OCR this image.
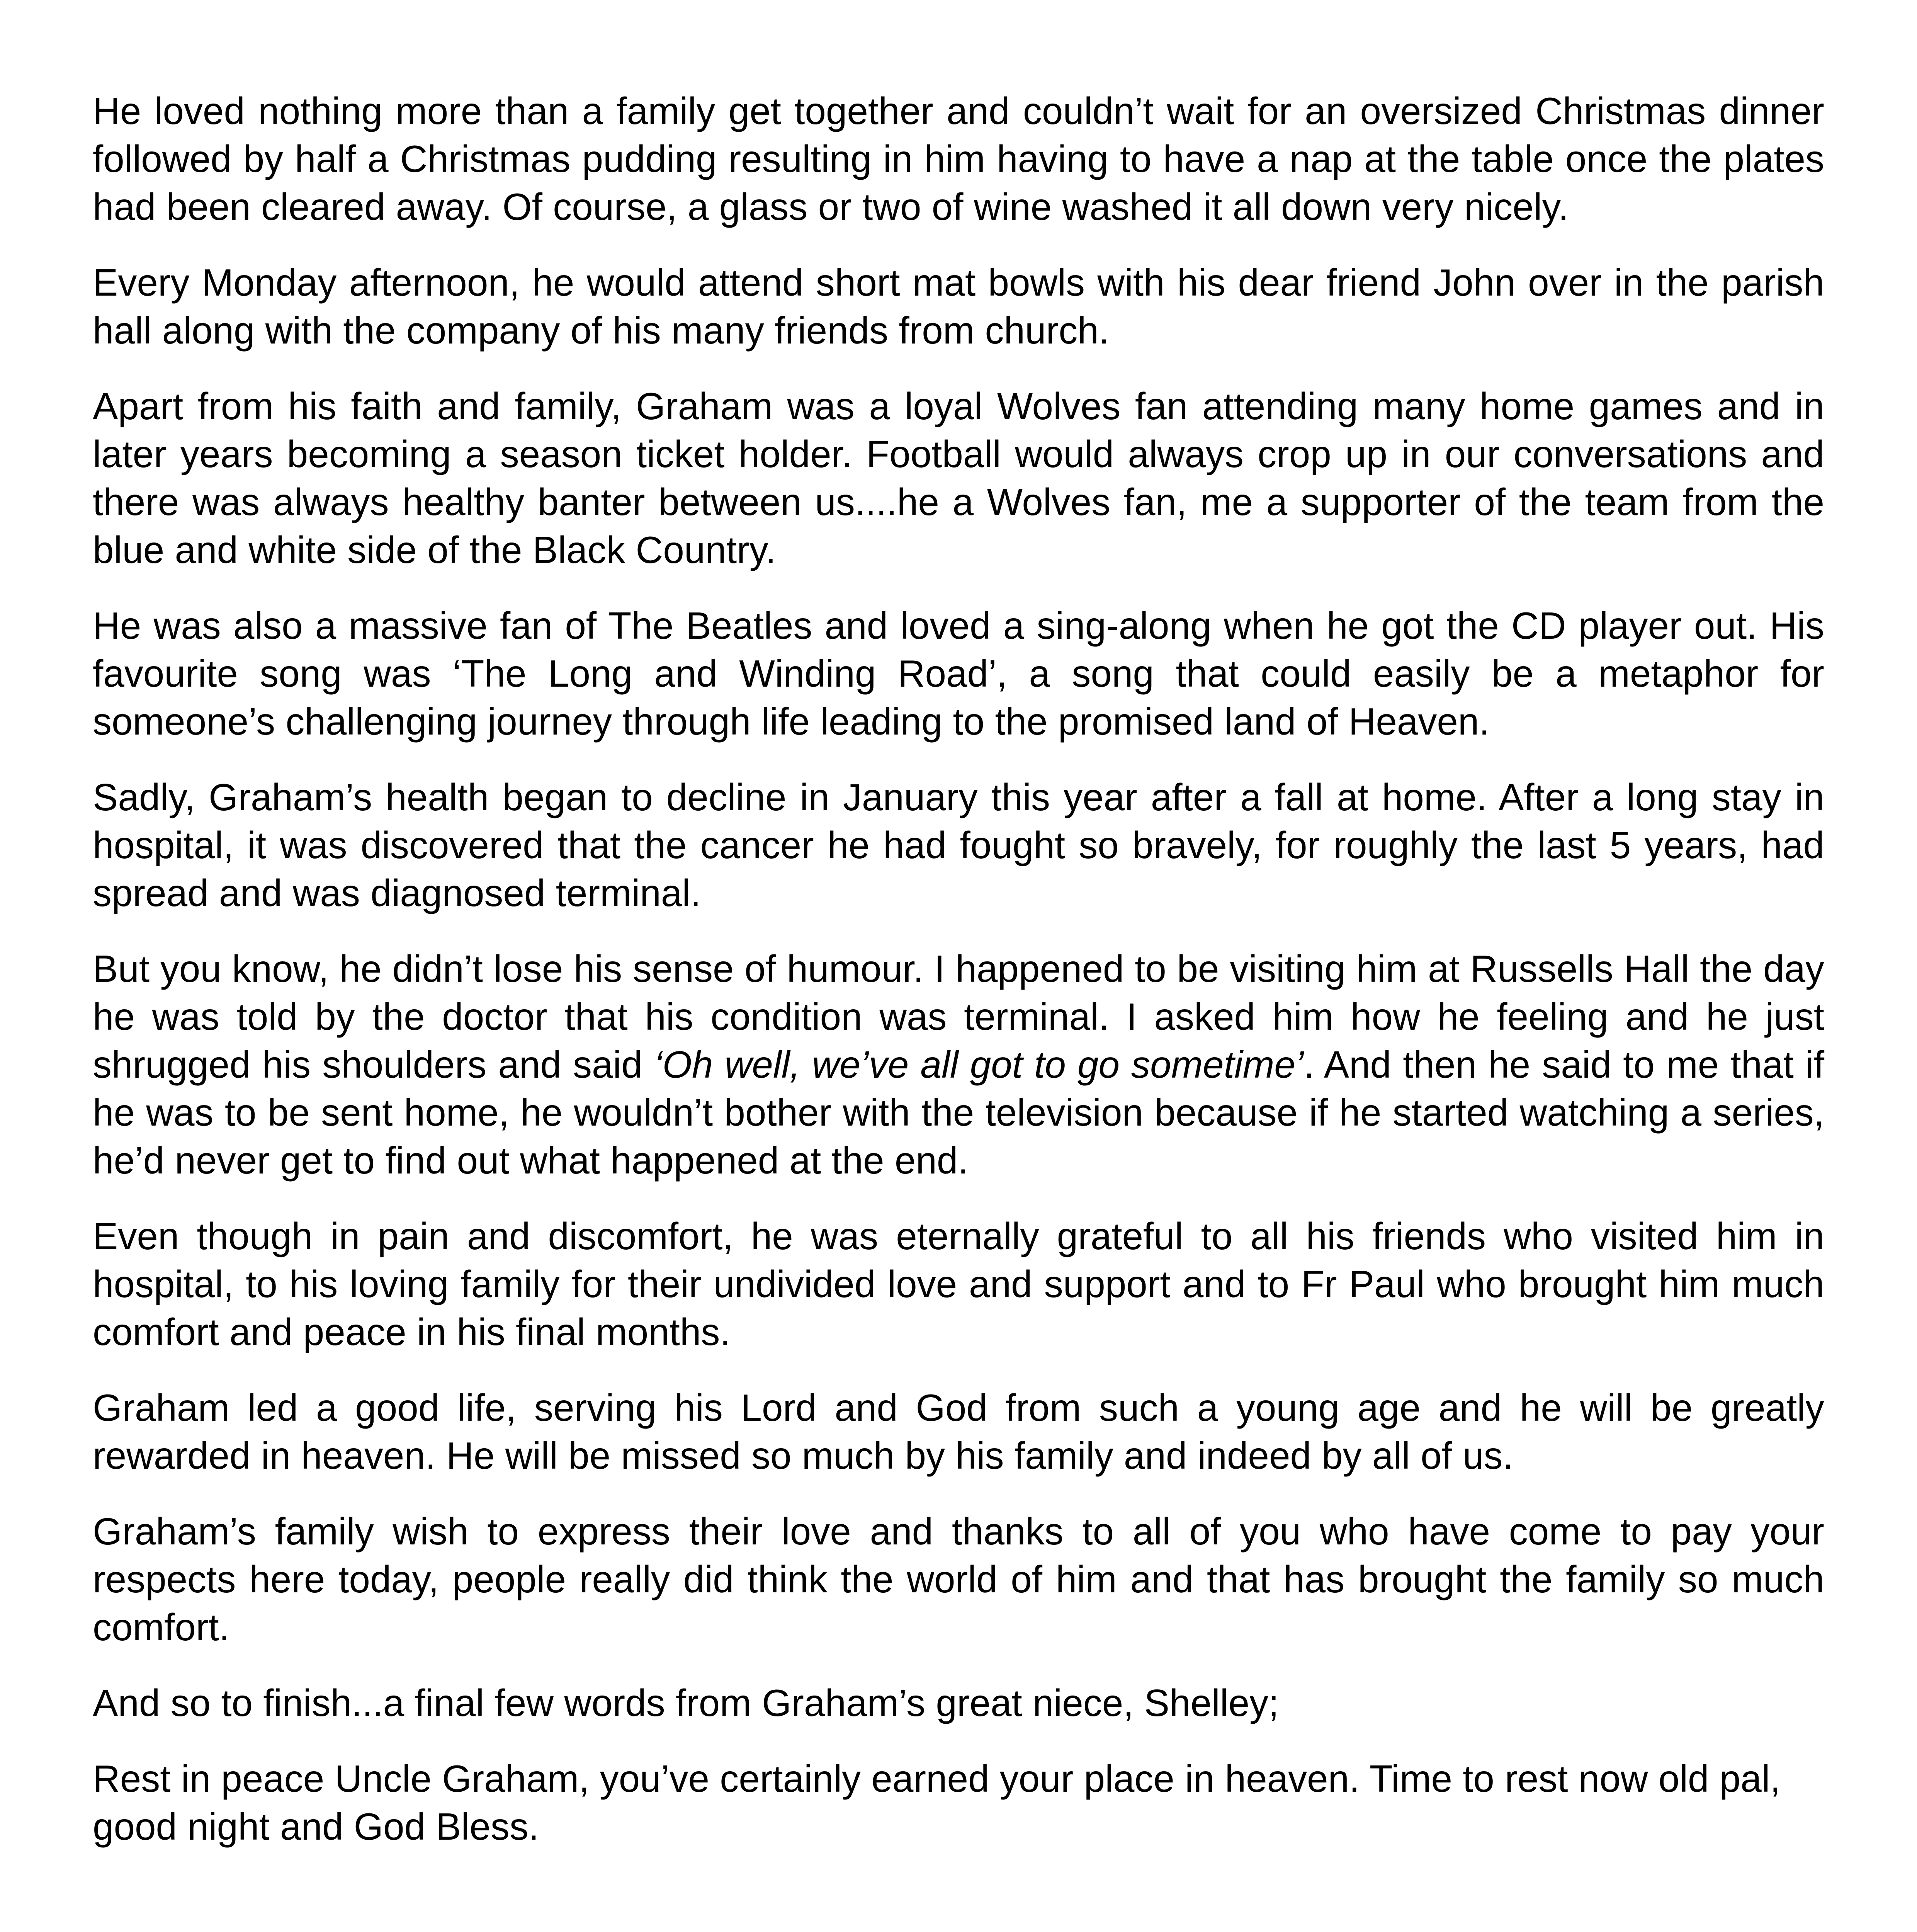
He loved nothing more than a family get together and couldn’t wait for an oversized Christmas dinner followed by half a Christmas pudding resulting in him having to have a nap at the table once the plates had been cleared away. Of course, a glass or two of wine washed it all down very nicely.

Every Monday afternoon, he would attend short mat bowls with his dear friend John over in the parish hall along with the company of his many friends from church.

Apart from his faith and family, Graham was a loyal Wolves fan attending many home games and in later years becoming a season ticket holder. Football would always crop up in our conversations and there was always healthy banter between us....he a Wolves fan, me a supporter of the team from the blue and white side of the Black Country.

He was also a massive fan of The Beatles and loved a sing-along when he got the CD player out. His favourite song was ‘The Long and Winding Road’, a song that could easily be a metaphor for someone’s challenging journey through life leading to the promised land of Heaven.

Sadly, Graham’s health began to decline in January this year after a fall at home. After a long stay in hospital, it was discovered that the cancer he had fought so bravely, for roughly the last 5 years, had spread and was diagnosed terminal.

But you know, he didn’t lose his sense of humour. I happened to be visiting him at Russells Hall the day he was told by the doctor that his condition was terminal. I asked him how he feeling and he just shrugged his shoulders and said ‘Oh well, we’ve all got to go sometime’. And then he said to me that if he was to be sent home, he wouldn’t bother with the television because if he started watching a series, he’d never get to find out what happened at the end.

Even though in pain and discomfort, he was eternally grateful to all his friends who visited him in hospital, to his loving family for their undivided love and support and to Fr Paul who brought him much comfort and peace in his final months.

Graham led a good life, serving his Lord and God from such a young age and he will be greatly rewarded in heaven. He will be missed so much by his family and indeed by all of us.

Graham’s family wish to express their love and thanks to all of you who have come to pay your respects here today, people really did think the world of him and that has brought the family so much comfort.

And so to finish...a final few words from Graham’s great niece, Shelley;

Rest in peace Uncle Graham, you’ve certainly earned your place in heaven. Time to rest now old pal, good night and God Bless.
